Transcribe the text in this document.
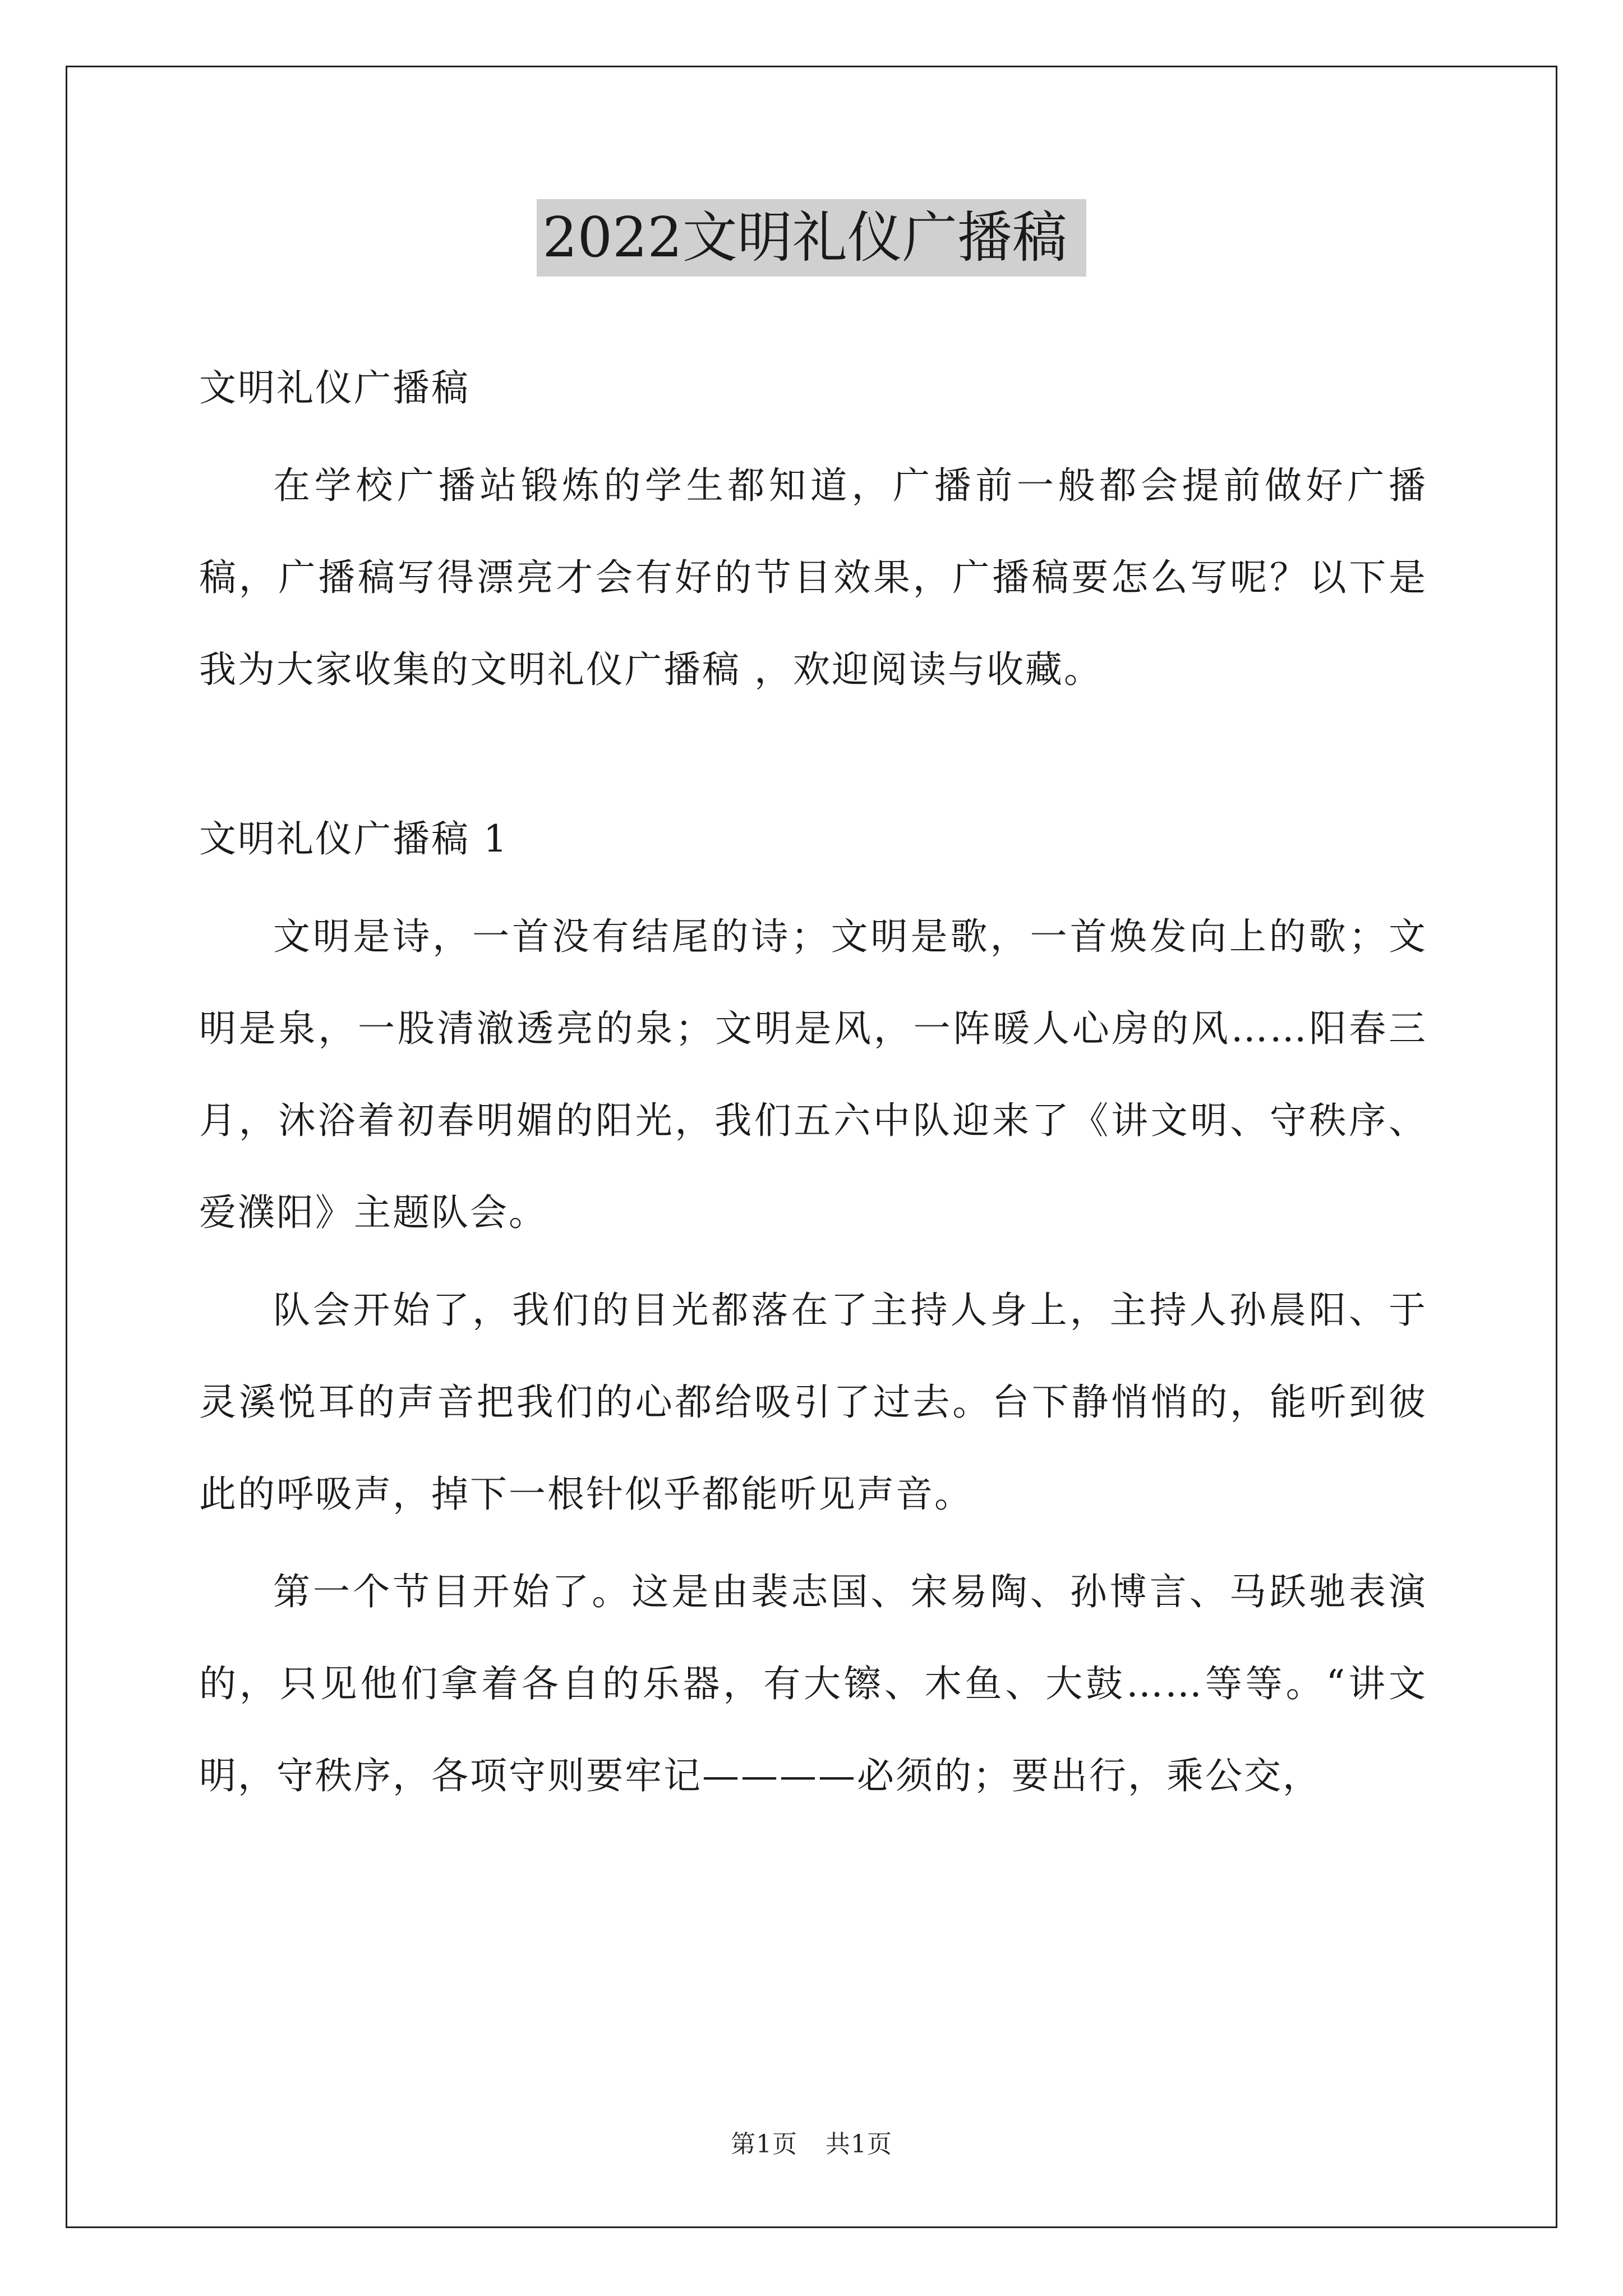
2022文明礼仪广播稿

文明礼仪广播稿

在学校广播站锻炼的学生都知道，广播前一般都会提前做好广播稿，广播稿写得漂亮才会有好的节目效果，广播稿要怎么写呢？以下是我为大家收集的文明礼仪广播稿 ，欢迎阅读与收藏。

文明礼仪广播稿 1

文明是诗，一首没有结尾的诗；文明是歌，一首焕发向上的歌；文明是泉，一股清澈透亮的泉；文明是风，一阵暖人心房的风……阳春三月，沐浴着初春明媚的阳光，我们五六中队迎来了《讲文明、守秩序、爱濮阳》主题队会。

队会开始了，我们的目光都落在了主持人身上，主持人孙晨阳、于灵溪悦耳的声音把我们的心都给吸引了过去。台下静悄悄的，能听到彼此的呼吸声，掉下一根针似乎都能听见声音。

第一个节目开始了。这是由裴志国、宋易陶、孙博言、马跃驰表演的，只见他们拿着各自的乐器，有大镲、木鱼、大鼓……等等。“讲文明，守秩序，各项守则要牢记————必须的；要出行，乘公交，

第1页 共1页
